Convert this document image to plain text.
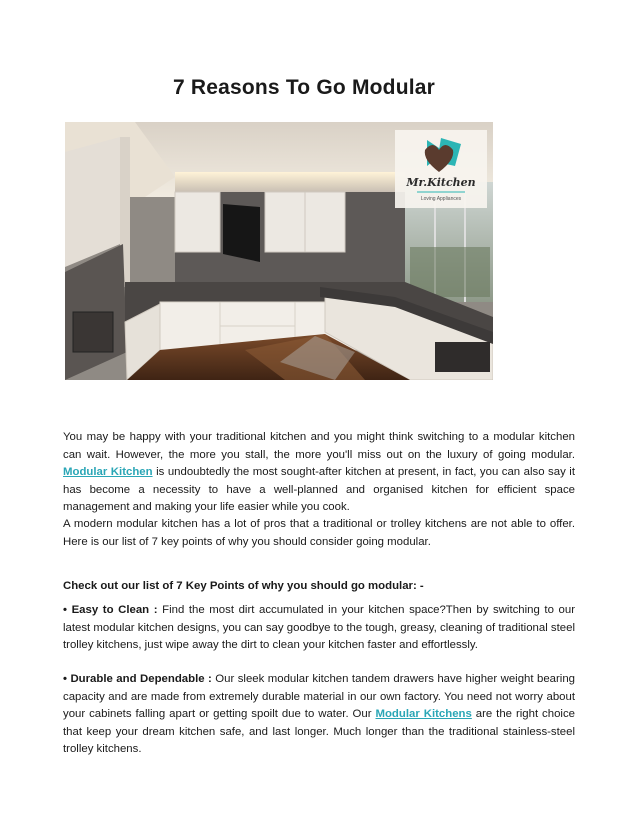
7 Reasons To Go Modular
Mr.Kitchen
Loving Appliances
You may be happy with your traditional kitchen and you might think switching to a modular kitchen can wait. However, the more you stall, the more you'll miss out on the luxury of going modular. Modular Kitchen is undoubtedly the most sought-after kitchen at present, in fact, you can also say it has become a necessity to have a well-planned and organised kitchen for efficient space management and making your life easier while you cook.
A modern modular kitchen has a lot of pros that a traditional or trolley kitchens are not able to offer. Here is our list of 7 key points of why you should consider going modular.
Check out our list of 7 Key Points of why you should go modular: -
• Easy to Clean : Find the most dirt accumulated in your kitchen space?Then by switching to our latest modular kitchen designs, you can say goodbye to the tough, greasy, cleaning of traditional steel trolley kitchens, just wipe away the dirt to clean your kitchen faster and effortlessly.
• Durable and Dependable : Our sleek modular kitchen tandem drawers have higher weight bearing capacity and are made from extremely durable material in our own factory. You need not worry about your cabinets falling apart or getting spoilt due to water. Our Modular Kitchens are the right choice that keep your dream kitchen safe, and last longer. Much longer than the traditional stainless-steel trolley kitchens.
